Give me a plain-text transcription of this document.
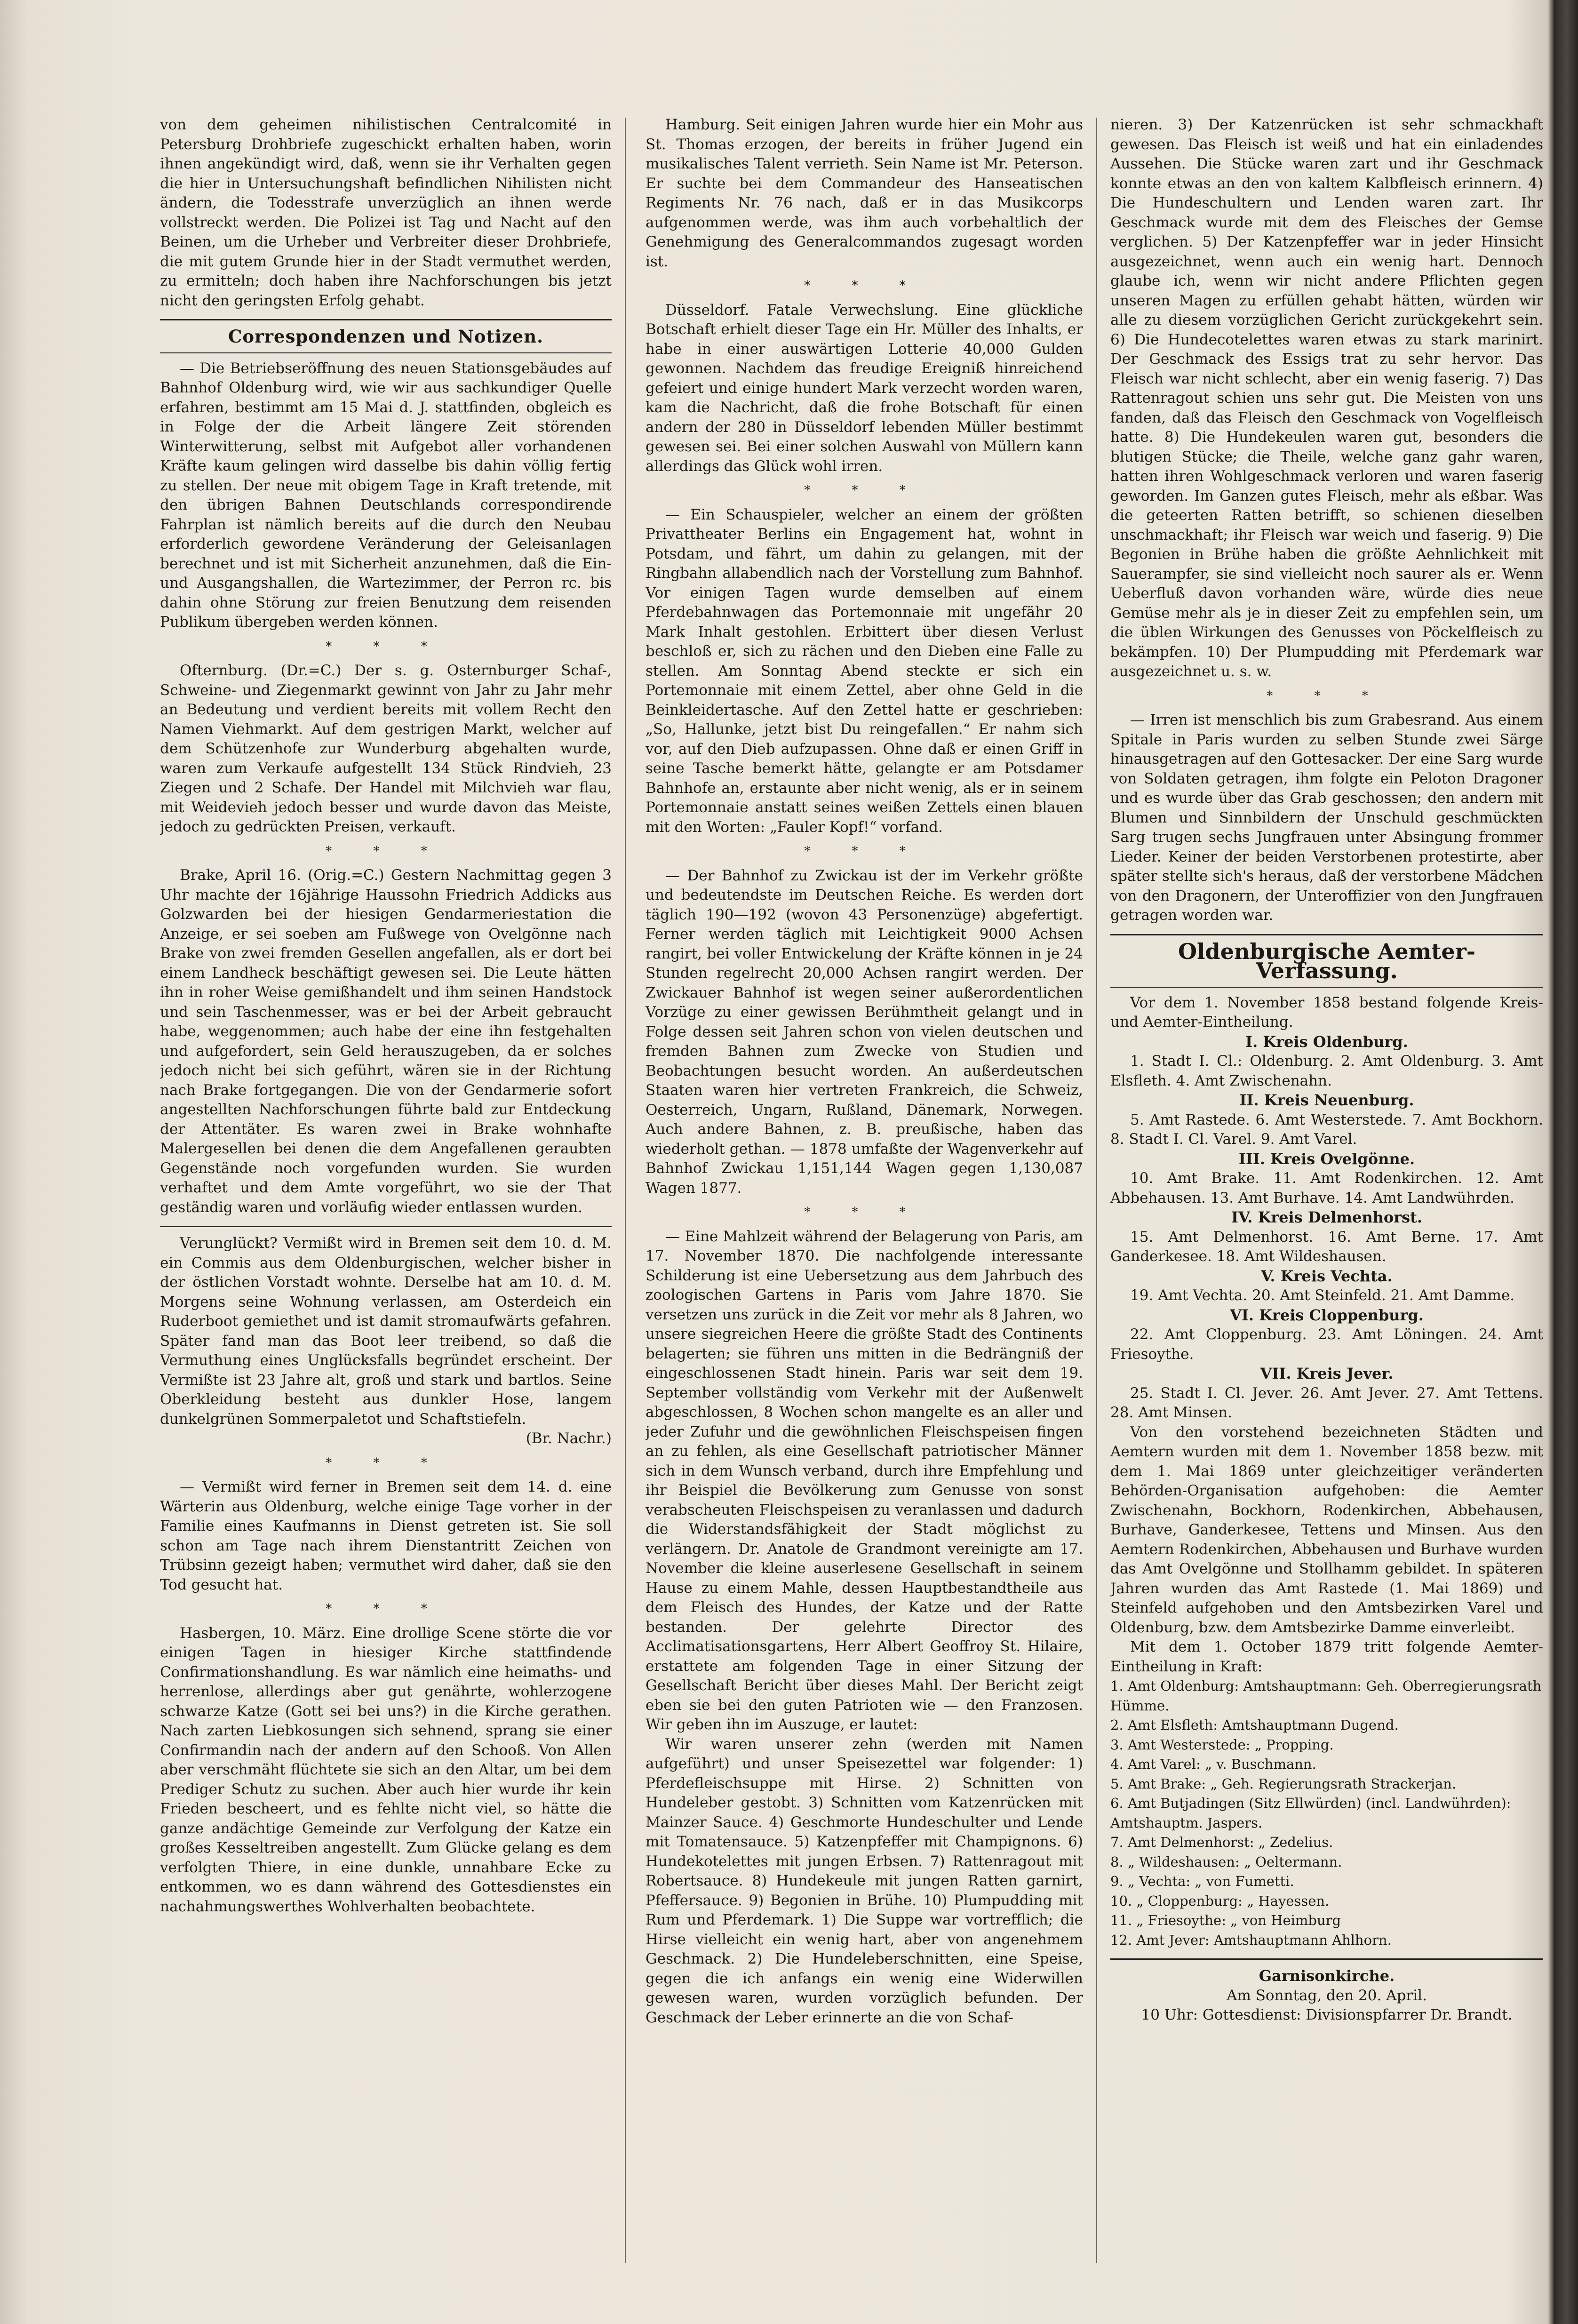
von dem geheimen nihilistischen Centralcomité in Petersburg Drohbriefe zugeschickt erhalten haben, worin ihnen angekündigt wird, daß, wenn sie ihr Verhalten gegen die hier in Untersuchungshaft befindlichen Nihilisten nicht ändern, die Todesstrafe unverzüglich an ihnen werde vollstreckt werden. Die Polizei ist Tag und Nacht auf den Beinen, um die Urheber und Verbreiter dieser Drohbriefe, die mit gutem Grunde hier in der Stadt vermuthet werden, zu ermitteln; doch haben ihre Nachforschungen bis jetzt nicht den geringsten Erfolg gehabt.

Correspondenzen und Notizen.

— Die Betriebseröffnung des neuen Stationsgebäudes auf Bahnhof Oldenburg wird, wie wir aus sachkundiger Quelle erfahren, bestimmt am 15 Mai d. J. stattfinden, obgleich es in Folge der die Arbeit längere Zeit störenden Winterwitterung, selbst mit Aufgebot aller vorhandenen Kräfte kaum gelingen wird dasselbe bis dahin völlig fertig zu stellen. Der neue mit obigem Tage in Kraft tretende, mit den übrigen Bahnen Deutschlands correspondirende Fahrplan ist nämlich bereits auf die durch den Neubau erforderlich gewordene Veränderung der Geleisanlagen berechnet und ist mit Sicherheit anzunehmen, daß die Ein- und Ausgangshallen, die Wartezimmer, der Perron rc. bis dahin ohne Störung zur freien Benutzung dem reisenden Publikum übergeben werden können.

* * *

Ofternburg. (Dr.=C.) Der s. g. Osternburger Schaf-, Schweine- und Ziegenmarkt gewinnt von Jahr zu Jahr mehr an Bedeutung und verdient bereits mit vollem Recht den Namen Viehmarkt. Auf dem gestrigen Markt, welcher auf dem Schützenhofe zur Wunderburg abgehalten wurde, waren zum Verkaufe aufgestellt 134 Stück Rindvieh, 23 Ziegen und 2 Schafe. Der Handel mit Milchvieh war flau, mit Weidevieh jedoch besser und wurde davon das Meiste, jedoch zu gedrückten Preisen, verkauft.

* * *

Brake, April 16. (Orig.=C.) Gestern Nachmittag gegen 3 Uhr machte der 16jährige Haussohn Friedrich Addicks aus Golzwarden bei der hiesigen Gendarmeriestation die Anzeige, er sei soeben am Fußwege von Ovelgönne nach Brake von zwei fremden Gesellen angefallen, als er dort bei einem Landheck beschäftigt gewesen sei. Die Leute hätten ihn in roher Weise gemißhandelt und ihm seinen Handstock und sein Taschenmesser, was er bei der Arbeit gebraucht habe, weggenommen; auch habe der eine ihn festgehalten und aufgefordert, sein Geld herauszugeben, da er solches jedoch nicht bei sich geführt, wären sie in der Richtung nach Brake fortgegangen. Die von der Gendarmerie sofort angestellten Nachforschungen führte bald zur Entdeckung der Attentäter. Es waren zwei in Brake wohnhafte Malergesellen bei denen die dem Angefallenen geraubten Gegenstände noch vorgefunden wurden. Sie wurden verhaftet und dem Amte vorgeführt, wo sie der That geständig waren und vorläufig wieder entlassen wurden.

Verunglückt? Vermißt wird in Bremen seit dem 10. d. M. ein Commis aus dem Oldenburgischen, welcher bisher in der östlichen Vorstadt wohnte. Derselbe hat am 10. d. M. Morgens seine Wohnung verlassen, am Osterdeich ein Ruderboot gemiethet und ist damit stromaufwärts gefahren. Später fand man das Boot leer treibend, so daß die Vermuthung eines Unglücksfalls begründet erscheint. Der Vermißte ist 23 Jahre alt, groß und stark und bartlos. Seine Oberkleidung besteht aus dunkler Hose, langem dunkelgrünen Sommerpaletot und Schaftstiefeln.

(Br. Nachr.)

* * *

— Vermißt wird ferner in Bremen seit dem 14. d. eine Wärterin aus Oldenburg, welche einige Tage vorher in der Familie eines Kaufmanns in Dienst getreten ist. Sie soll schon am Tage nach ihrem Dienstantritt Zeichen von Trübsinn gezeigt haben; vermuthet wird daher, daß sie den Tod gesucht hat.

* * *

Hasbergen, 10. März. Eine drollige Scene störte die vor einigen Tagen in hiesiger Kirche stattfindende Confirmationshandlung. Es war nämlich eine heimaths- und herrenlose, allerdings aber gut genährte, wohlerzogene schwarze Katze (Gott sei bei uns?) in die Kirche gerathen. Nach zarten Liebkosungen sich sehnend, sprang sie einer Confirmandin nach der andern auf den Schooß. Von Allen aber verschmäht flüchtete sie sich an den Altar, um bei dem Prediger Schutz zu suchen. Aber auch hier wurde ihr kein Frieden bescheert, und es fehlte nicht viel, so hätte die ganze andächtige Gemeinde zur Verfolgung der Katze ein großes Kesseltreiben angestellt. Zum Glücke gelang es dem verfolgten Thiere, in eine dunkle, unnahbare Ecke zu entkommen, wo es dann während des Gottesdienstes ein nachahmungswerthes Wohlverhalten beobachtete.

Hamburg. Seit einigen Jahren wurde hier ein Mohr aus St. Thomas erzogen, der bereits in früher Jugend ein musikalisches Talent verrieth. Sein Name ist Mr. Peterson. Er suchte bei dem Commandeur des Hanseatischen Regiments Nr. 76 nach, daß er in das Musikcorps aufgenommen werde, was ihm auch vorbehaltlich der Genehmigung des Generalcommandos zugesagt worden ist.

* * *

Düsseldorf. Fatale Verwechslung. Eine glückliche Botschaft erhielt dieser Tage ein Hr. Müller des Inhalts, er habe in einer auswärtigen Lotterie 40,000 Gulden gewonnen. Nachdem das freudige Ereigniß hinreichend gefeiert und einige hundert Mark verzecht worden waren, kam die Nachricht, daß die frohe Botschaft für einen andern der 280 in Düsseldorf lebenden Müller bestimmt gewesen sei. Bei einer solchen Auswahl von Müllern kann allerdings das Glück wohl irren.

* * *

— Ein Schauspieler, welcher an einem der größten Privattheater Berlins ein Engagement hat, wohnt in Potsdam, und fährt, um dahin zu gelangen, mit der Ringbahn allabendlich nach der Vorstellung zum Bahnhof. Vor einigen Tagen wurde demselben auf einem Pferdebahnwagen das Portemonnaie mit ungefähr 20 Mark Inhalt gestohlen. Erbittert über diesen Verlust beschloß er, sich zu rächen und den Dieben eine Falle zu stellen. Am Sonntag Abend steckte er sich ein Portemonnaie mit einem Zettel, aber ohne Geld in die Beinkleidertasche. Auf den Zettel hatte er geschrieben: „So, Hallunke, jetzt bist Du reingefallen.“ Er nahm sich vor, auf den Dieb aufzupassen. Ohne daß er einen Griff in seine Tasche bemerkt hätte, gelangte er am Potsdamer Bahnhofe an, erstaunte aber nicht wenig, als er in seinem Portemonnaie anstatt seines weißen Zettels einen blauen mit den Worten: „Fauler Kopf!“ vorfand.

* * *

— Der Bahnhof zu Zwickau ist der im Verkehr größte und bedeutendste im Deutschen Reiche. Es werden dort täglich 190—192 (wovon 43 Personenzüge) abgefertigt. Ferner werden täglich mit Leichtigkeit 9000 Achsen rangirt, bei voller Entwickelung der Kräfte können in je 24 Stunden regelrecht 20,000 Achsen rangirt werden. Der Zwickauer Bahnhof ist wegen seiner außerordentlichen Vorzüge zu einer gewissen Berühmtheit gelangt und in Folge dessen seit Jahren schon von vielen deutschen und fremden Bahnen zum Zwecke von Studien und Beobachtungen besucht worden. An außerdeutschen Staaten waren hier vertreten Frankreich, die Schweiz, Oesterreich, Ungarn, Rußland, Dänemark, Norwegen. Auch andere Bahnen, z. B. preußische, haben das wiederholt gethan. — 1878 umfaßte der Wagenverkehr auf Bahnhof Zwickau 1,151,144 Wagen gegen 1,130,087 Wagen 1877.

* * *

— Eine Mahlzeit während der Belagerung von Paris, am 17. November 1870. Die nachfolgende interessante Schilderung ist eine Uebersetzung aus dem Jahrbuch des zoologischen Gartens in Paris vom Jahre 1870. Sie versetzen uns zurück in die Zeit vor mehr als 8 Jahren, wo unsere siegreichen Heere die größte Stadt des Continents belagerten; sie führen uns mitten in die Bedrängniß der eingeschlossenen Stadt hinein. Paris war seit dem 19. September vollständig vom Verkehr mit der Außenwelt abgeschlossen, 8 Wochen schon mangelte es an aller und jeder Zufuhr und die gewöhnlichen Fleischspeisen fingen an zu fehlen, als eine Gesellschaft patriotischer Männer sich in dem Wunsch verband, durch ihre Empfehlung und ihr Beispiel die Bevölkerung zum Genusse von sonst verabscheuten Fleischspeisen zu veranlassen und dadurch die Widerstandsfähigkeit der Stadt möglichst zu verlängern. Dr. Anatole de Grandmont vereinigte am 17. November die kleine auserlesene Gesellschaft in seinem Hause zu einem Mahle, dessen Hauptbestandtheile aus dem Fleisch des Hundes, der Katze und der Ratte bestanden. Der gelehrte Director des Acclimatisationsgartens, Herr Albert Geoffroy St. Hilaire, erstattete am folgenden Tage in einer Sitzung der Gesellschaft Bericht über dieses Mahl. Der Bericht zeigt eben sie bei den guten Patrioten wie — den Franzosen. Wir geben ihn im Auszuge, er lautet:

Wir waren unserer zehn (werden mit Namen aufgeführt) und unser Speisezettel war folgender: 1) Pferdefleischsuppe mit Hirse. 2) Schnitten von Hundeleber gestobt. 3) Schnitten vom Katzenrücken mit Mainzer Sauce. 4) Geschmorte Hundeschulter und Lende mit Tomatensauce. 5) Katzenpfeffer mit Champignons. 6) Hundekotelettes mit jungen Erbsen. 7) Rattenragout mit Robertsauce. 8) Hundekeule mit jungen Ratten garnirt, Pfeffersauce. 9) Begonien in Brühe. 10) Plumpudding mit Rum und Pferdemark. 1) Die Suppe war vortrefflich; die Hirse vielleicht ein wenig hart, aber von angenehmem Geschmack. 2) Die Hundeleberschnitten, eine Speise, gegen die ich anfangs ein wenig eine Widerwillen gewesen waren, wurden vorzüglich befunden. Der Geschmack der Leber erinnerte an die von Schaf-

nieren. 3) Der Katzenrücken ist sehr schmackhaft gewesen. Das Fleisch ist weiß und hat ein einladendes Aussehen. Die Stücke waren zart und ihr Geschmack konnte etwas an den von kaltem Kalbfleisch erinnern. 4) Die Hundeschultern und Lenden waren zart. Ihr Geschmack wurde mit dem des Fleisches der Gemse verglichen. 5) Der Katzenpfeffer war in jeder Hinsicht ausgezeichnet, wenn auch ein wenig hart. Dennoch glaube ich, wenn wir nicht andere Pflichten gegen unseren Magen zu erfüllen gehabt hätten, würden wir alle zu diesem vorzüglichen Gericht zurückgekehrt sein. 6) Die Hundecotelettes waren etwas zu stark marinirt. Der Geschmack des Essigs trat zu sehr hervor. Das Fleisch war nicht schlecht, aber ein wenig faserig. 7) Das Rattenragout schien uns sehr gut. Die Meisten von uns fanden, daß das Fleisch den Geschmack von Vogelfleisch hatte. 8) Die Hundekeulen waren gut, besonders die blutigen Stücke; die Theile, welche ganz gahr waren, hatten ihren Wohlgeschmack verloren und waren faserig geworden. Im Ganzen gutes Fleisch, mehr als eßbar. Was die geteerten Ratten betrifft, so schienen dieselben unschmackhaft; ihr Fleisch war weich und faserig. 9) Die Begonien in Brühe haben die größte Aehnlichkeit mit Sauerampfer, sie sind vielleicht noch saurer als er. Wenn Ueberfluß davon vorhanden wäre, würde dies neue Gemüse mehr als je in dieser Zeit zu empfehlen sein, um die üblen Wirkungen des Genusses von Pöckelfleisch zu bekämpfen. 10) Der Plumpudding mit Pferdemark war ausgezeichnet u. s. w.

* * *

— Irren ist menschlich bis zum Grabesrand. Aus einem Spitale in Paris wurden zu selben Stunde zwei Särge hinausgetragen auf den Gottesacker. Der eine Sarg wurde von Soldaten getragen, ihm folgte ein Peloton Dragoner und es wurde über das Grab geschossen; den andern mit Blumen und Sinnbildern der Unschuld geschmückten Sarg trugen sechs Jungfrauen unter Absingung frommer Lieder. Keiner der beiden Verstorbenen protestirte, aber später stellte sich's heraus, daß der verstorbene Mädchen von den Dragonern, der Unteroffizier von den Jungfrauen getragen worden war.

Oldenburgische Aemter-Verfassung.

Vor dem 1. November 1858 bestand folgende Kreis- und Aemter-Eintheilung.

I. Kreis Oldenburg.

1. Stadt I. Cl.: Oldenburg. 2. Amt Oldenburg. 3. Amt Elsfleth. 4. Amt Zwischenahn.

II. Kreis Neuenburg.

5. Amt Rastede. 6. Amt Westerstede. 7. Amt Bockhorn. 8. Stadt I. Cl. Varel. 9. Amt Varel.

III. Kreis Ovelgönne.

10. Amt Brake. 11. Amt Rodenkirchen. 12. Amt Abbehausen. 13. Amt Burhave. 14. Amt Landwührden.

IV. Kreis Delmenhorst.

15. Amt Delmenhorst. 16. Amt Berne. 17. Amt Ganderkesee. 18. Amt Wildeshausen.

V. Kreis Vechta.

19. Amt Vechta. 20. Amt Steinfeld. 21. Amt Damme.

VI. Kreis Cloppenburg.

22. Amt Cloppenburg. 23. Amt Löningen. 24. Amt Friesoythe.

VII. Kreis Jever.

25. Stadt I. Cl. Jever. 26. Amt Jever. 27. Amt Tettens. 28. Amt Minsen.

Von den vorstehend bezeichneten Städten und Aemtern wurden mit dem 1. November 1858 bezw. mit dem 1. Mai 1869 unter gleichzeitiger veränderten Behörden-Organisation aufgehoben: die Aemter Zwischenahn, Bockhorn, Rodenkirchen, Abbehausen, Burhave, Ganderkesee, Tettens und Minsen. Aus den Aemtern Rodenkirchen, Abbehausen und Burhave wurden das Amt Ovelgönne und Stollhamm gebildet. In späteren Jahren wurden das Amt Rastede (1. Mai 1869) und Steinfeld aufgehoben und den Amtsbezirken Varel und Oldenburg, bzw. dem Amtsbezirke Damme einverleibt.

Mit dem 1. October 1879 tritt folgende Aemter-Eintheilung in Kraft:

1. Amt Oldenburg: Amtshauptmann: Geh. Oberregierungsrath Hümme.

2. Amt Elsfleth: Amtshauptmann Dugend.

3. Amt Westerstede: „ Propping.

4. Amt Varel: „ v. Buschmann.

5. Amt Brake: „ Geh. Regierungsrath Strackerjan.

6. Amt Butjadingen (Sitz Ellwürden) (incl. Landwührden): Amtshauptm. Jaspers.

7. Amt Delmenhorst: „ Zedelius.

8. „ Wildeshausen: „ Oeltermann.

9. „ Vechta: „ von Fumetti.

10. „ Cloppenburg: „ Hayessen.

11. „ Friesoythe: „ von Heimburg

12. Amt Jever: Amtshauptmann Ahlhorn.

Garnisonkirche.

Am Sonntag, den 20. April.

10 Uhr: Gottesdienst: Divisionspfarrer Dr. Brandt.
